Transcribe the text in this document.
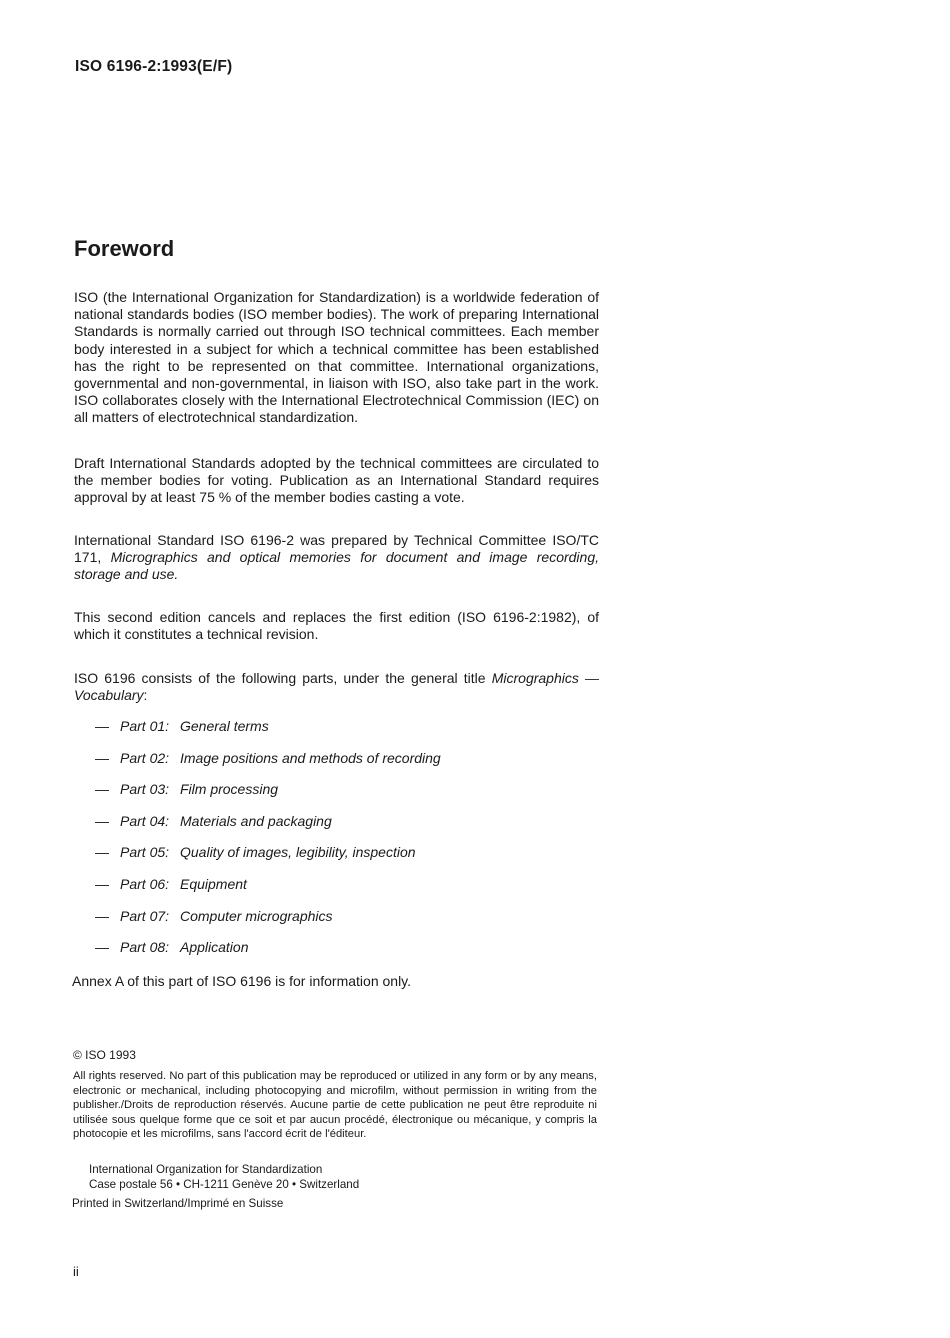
ISO 6196-2:1993(E/F)
Foreword

ISO (the International Organization for Standardization) is a worldwide federation of national standards bodies (ISO member bodies). The work of preparing International Standards is normally carried out through ISO technical committees. Each member body interested in a subject for which a technical committee has been established has the right to be represented on that committee. International organizations, governmental and non-governmental, in liaison with ISO, also take part in the work. ISO collaborates closely with the International Electrotechnical Commission (IEC) on all matters of electrotechnical standardization.

Draft International Standards adopted by the technical committees are circulated to the member bodies for voting. Publication as an International Standard requires approval by at least 75 % of the member bodies casting a vote.

International Standard ISO 6196-2 was prepared by Technical Committee ISO/TC 171, Micrographics and optical memories for document and image recording, storage and use.

This second edition cancels and replaces the first edition (ISO 6196-2:1982), of which it constitutes a technical revision.

ISO 6196 consists of the following parts, under the general title Micrographics — Vocabulary:

— Part 01: General terms
— Part 02: Image positions and methods of recording
— Part 03: Film processing
— Part 04: Materials and packaging
— Part 05: Quality of images, legibility, inspection
— Part 06: Equipment
— Part 07: Computer micrographics
— Part 08: Application

Annex A of this part of ISO 6196 is for information only.

© ISO 1993

All rights reserved. No part of this publication may be reproduced or utilized in any form or by any means, electronic or mechanical, including photocopying and microfilm, without permission in writing from the publisher./Droits de reproduction réservés. Aucune partie de cette publication ne peut être reproduite ni utilisée sous quelque forme que ce soit et par aucun procédé, électronique ou mécanique, y compris la photocopie et les microfilms, sans l'accord écrit de l'éditeur.

International Organization for Standardization
Case postale 56 • CH-1211 Genève 20 • Switzerland
Printed in Switzerland/Imprimé en Suisse
ii
